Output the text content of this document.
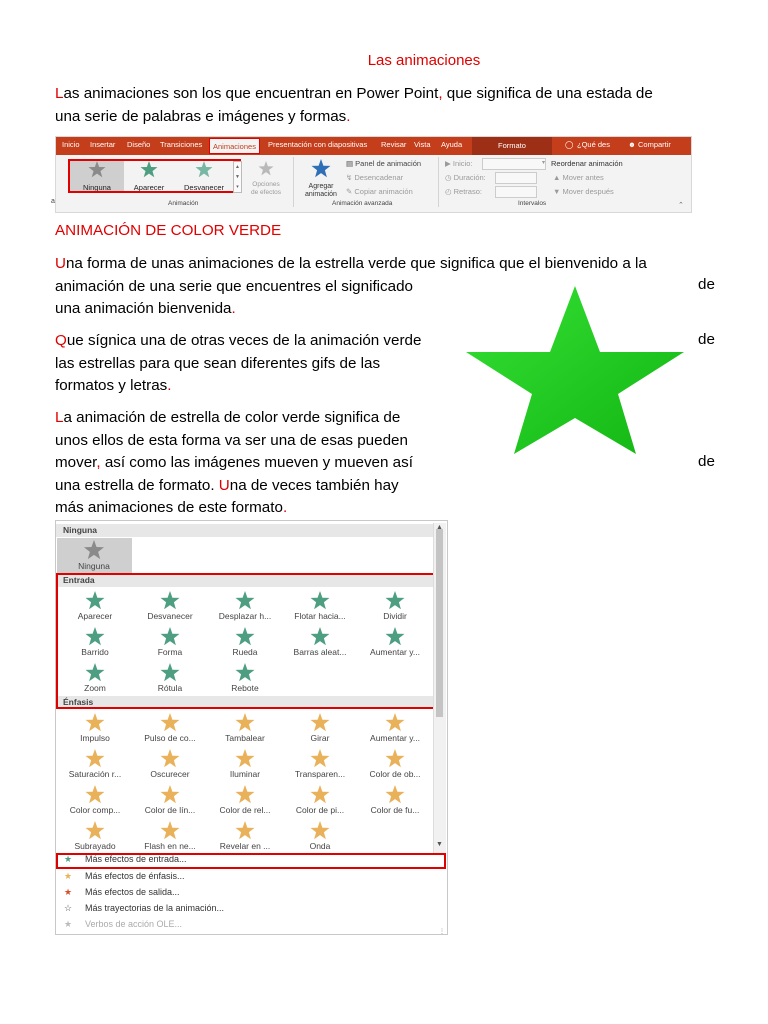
Las animaciones
Las animaciones son los que encuentran en Power Point, que significa de una estada de
una serie de palabras e imágenes y formas.
a
Inicio Insertar Diseño Transiciones	Animaciones	Presentación con diapositivas Revisar Vista Ayuda	Formato	◯ ¿Qué des ☻ Compartir
Ninguna	Aparecer	Desvanecer
▲
▼
▾	Opciones de efectos
Animación
Agregar animación
▤ Panel de animación
↯ Desencadenar
✎ Copiar animación
Animación avanzada
▶ Inicio:	▾
◷ Duración:
◴ Retraso:
Reordenar animación
▲ Mover antes
▼ Mover después
Intervalos	⌃
ANIMACIÓN DE COLOR VERDE
Una forma de unas animaciones de la estrella verde que significa que el bienvenido a la
animación de una serie que encuentres el significado
una animación bienvenida.
de
Que sígnica una de otras veces de la animación verde
las estrellas para que sean diferentes gifs de las
formatos y letras.
de
La animación de estrella de color verde significa de
unos ellos de esta forma va ser una de esas pueden
mover, así como las imágenes mueven y mueven así
una estrella de formato. Una de veces también hay
más animaciones de este formato.
de
Ninguna
Ninguna
Entrada
Aparecer	Desvanecer	Desplazar h...	Flotar hacia...	Dividir
Barrido	Forma	Rueda	Barras aleat...	Aumentar y...
Zoom	Rótula	Rebote
Énfasis
Impulso	Pulso de co...	Tambalear	Girar	Aumentar y...
Saturación r...	Oscurecer	Iluminar	Transparen...	Color de ob...
Color comp...	Color de lín...	Color de rel...	Color de pi...	Color de fu...
Subrayado	Flash en ne...	Revelar en ...	Onda	▼
▲
★ Más efectos de entrada...
★ Más efectos de énfasis...
★ Más efectos de salida...
☆ Más trayectorias de la animación...
★ Verbos de acción OLE...
⋮
